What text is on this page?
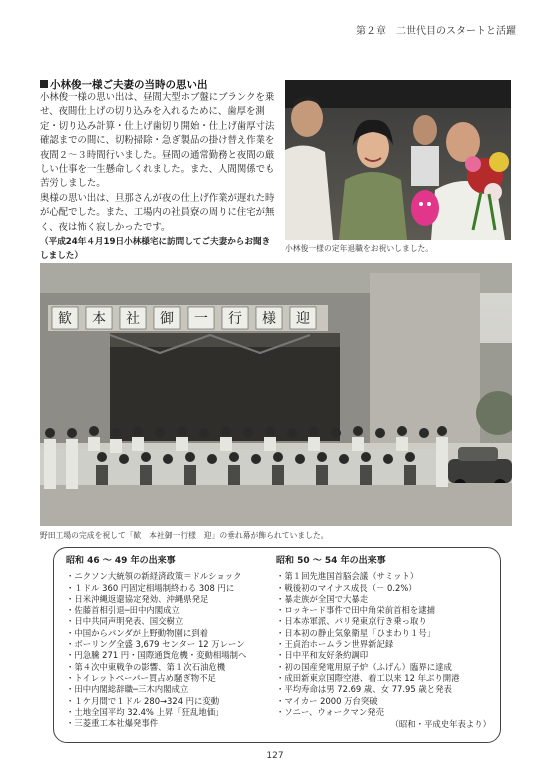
第２章　二世代目のスタートと活躍
小林俊一様ご夫妻の当時の思い出

小林俊一様の思い出は、昼間大型ホブ盤にブランクを乗せ、夜間仕上げの切り込みを入れるために、歯厚を測定・切り込み計算・仕上げ歯切り開始・仕上げ歯厚寸法確認までの間に、切粉掃除・急ぎ製品の掛け替え作業を夜間２～３時間行いました。昼間の通常勤務と夜間の厳しい仕事を一生懸命しくれました。また、人間関係でも苦労しました。

奥様の思い出は、旦那さんが夜の仕上げ作業が遅れた時が心配でした。また、工場内の社員寮の周りに住宅が無く、夜は怖く寂しかったです。

（平成24年４月19日小林様宅に訪問してご夫妻からお聞きしました）

小林俊一様の定年退職をお祝いしました。
歓 本 社 御 一 行 様 迎
野田工場の完成を祝して「歓　本社御一行様　迎」の垂れ幕が飾られていました。
昭和 46 ～ 49 年の出来事
・ ニクソン大統領の新経済政策＝ドルショック
・ １ドル 360 円固定相場制終わる 308 円に
・ 日米沖縄返還協定発効、沖縄県発足
・ 佐藤首相引退─田中内閣成立
・ 日中共同声明発表、国交樹立
・ 中国からパンダが上野動物園に到着
・ ボーリング全盛 3,679 センター 12 万レーン
・ 円急騰 271 円・国際通貨危機・変動相場制へ
・ 第４次中東戦争の影響、第１次石油危機
・ トイレットペーパー買占め騒ぎ物不足
・ 田中内閣総辞職─三木内閣成立
・ １ケ月間で１ドル 280→324 円に変動
・ 土地全国平均 32.4% 上昇「狂乱地価」
・ 三菱重工本社爆発事件
昭和 50 ～ 54 年の出来事
・ 第１回先進国首脳会議（サミット）
・ 戦後初のマイナス成長（－ 0.2%）
・ 暴走族が全国で大暴走
・ ロッキード事件で田中角栄前首相を逮捕
・ 日本赤軍派、パリ発東京行き乗っ取り
・ 日本初の静止気象衛星「ひまわり１号」
・ 王貞治ホームラン世界新記録
・ 日中平和友好条約調印
・ 初の国産発電用原子炉（ふげん）臨界に達成
・ 成田新東京国際空港、着工以来 12 年ぶり開港
・ 平均寿命は男 72.69 歳、女 77.95 歳と発表
・ マイカー 2000 万台突破
・ ソニー、ウォークマン発売
（昭和・平成史年表より）
127
